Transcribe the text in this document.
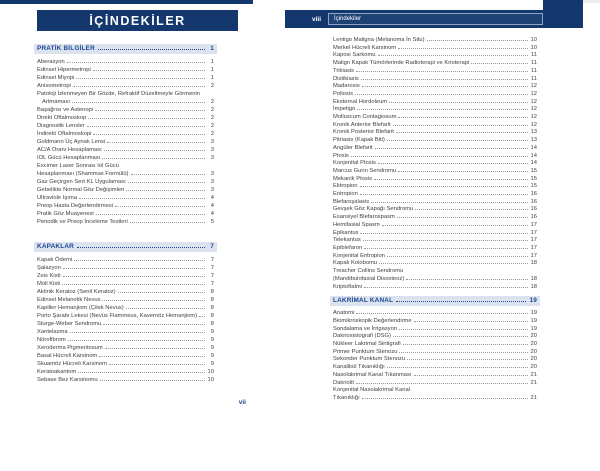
İÇİNDEKİLER
PRATİK BİLGİLER	1
Aberasyon	1
Edinsel Hipermetropi	1
Edinsel Miyopi	1
Anisometropi	2
Patoloji İzlenmeyen Bir Gözde, Refraktif Düzeltmeyle Görmenin
Artmaması	2
Başağrısı ve Astenopi	2
Direkt Oftalmoskop	2
Diagnostik Lensler	2
İndirekt Oftalmoskopi	2
Goldmann Üç Aynalı Lensi	3
AC/A Oranı Hesaplaması	3
IOL Gücü Hesaplanması	3
Excimer Laser Sonrası Iol Gücü
Hesaplanması (Shammas Formülü)	3
Gaz Geçirgen Sert KL Uygulaması	3
Gebelikte Normal Göz Değişimleri	3
Ultraviole Işıma	4
Preop Hasta Değerlendirmesi	4
Pratik Göz Muayenesi	4
Periodik ve Preop İnceleme Testleri	5
KAPAKLAR	7
Kapak Ödemi	7
Şalazyon	7
Zeis Kisti	7
Moll Kisti	7
Aktinik Keratoz (Senil Keratoz)	8
Edinsel Melanotik Nevus	8
Kapiller Hemanjiom (Çilek Nevus)	8
Porto Şarabı Lekesi (Nevüs Flammeus, Kavernöz Hemanjiom)	8
Sturge-Weber Sendromu	8
Xantelasma	9
Nörofibrom	9
Xeroderma Pigmentosum	9
Basal Hücreli Karsinom	9
Skuamöz Hücreli Karsinom	9
Keratoakantom	10
Sebase Bez Karsinomu	10
vii
viii İçindekiler
Lentigo Maligna (Melanoma İn Situ)	10
Merkel Hücreli Karsinom	10
Kaposi Sarkomu	11
Malign Kapak Tümörlerinde Radioterapi ve Krioterapi	11
Trikiasis	11
Distikiasis	11
Madarosis	12
Poliosis	12
Eksternal Hordoleum	12
İmpetigo	12
Molluscum Contagiosum	12
Kronik Anterior Blefarit	12
Kronik Posterior Blefarit	13
Pitriasis (Kapak Biti)	13
Angüler Blefarit	14
Ptosis	14
Konjenital Ptosis	14
Marcus Gunn Sendromu	15
Mekanik Ptosis	15
Ektropion	15
Entropion	16
Blefaroşalasis	16
Gevşek Göz Kapağı Sendromu	16
Esansiyel Blefarospasm	16
Hemifasial Spasm	17
Epikantus	17
Telekantus	17
Epiblefaron	17
Konjenital Entropion	17
Kapak Kolobomu	18
Treacher Collins Sendromu
(Mandibulofasial Disosteoz)	18
Kriptoftalmi	18
LAKRİMAL KANAL	19
Anatomi	19
Biomikroskopik Değerlendirme	19
Sondalama ve İrrigasyon	19
Dakriosistografi (DSG)	20
Nükleer Lakrimal Sintigrafi	20
Primer Punktum Stenozu	20
Sekonder Punktum Stenozu	20
Kanalikül Tıkanıklığı	20
Nasolakrimal Kanal Tıkanması	21
Dakriolit	21
Konjenital Nasolakrimal Kanal
Tıkanıklığı	21
